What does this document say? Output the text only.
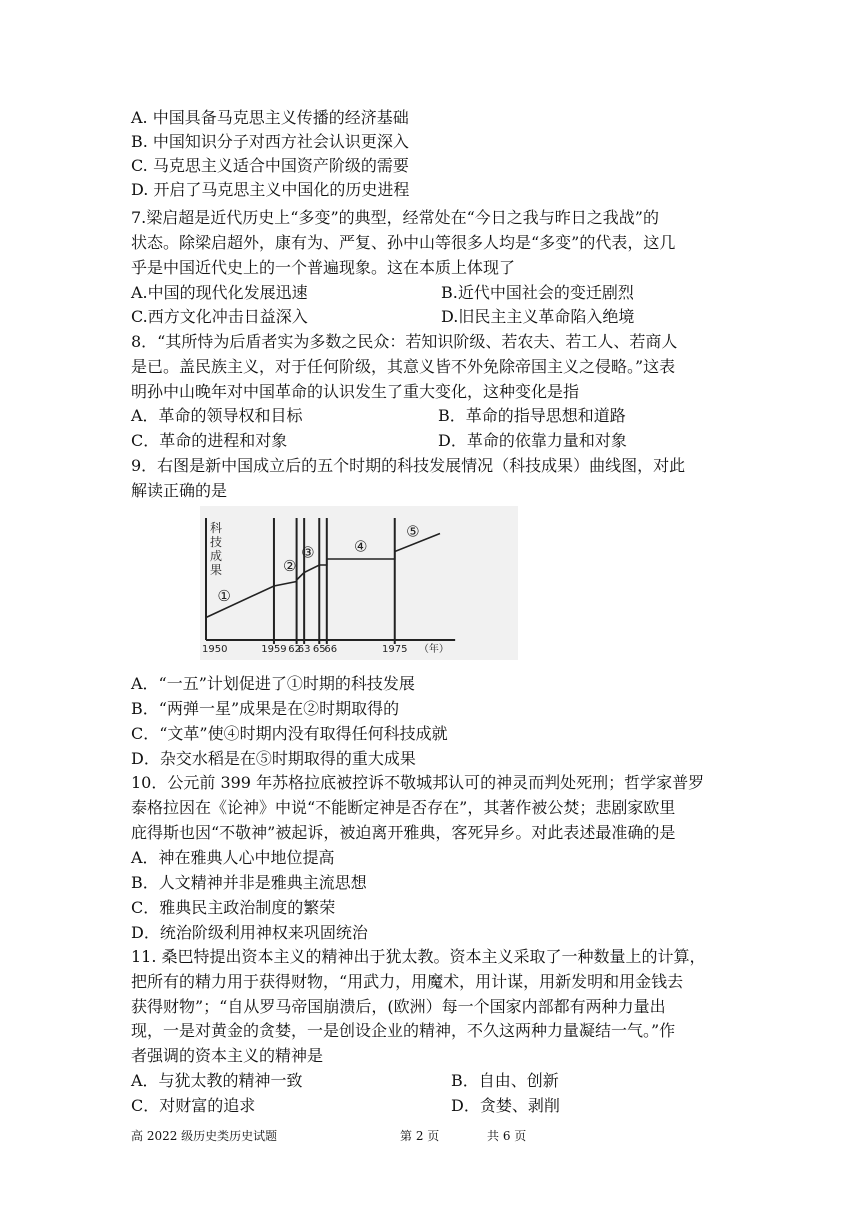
A. 中国具备马克思主义传播的经济基础
B. 中国知识分子对西方社会认识更深入
C. 马克思主义适合中国资产阶级的需要
D. 开启了马克思主义中国化的历史进程
7.梁启超是近代历史上“多变”的典型，经常处在“今日之我与昨日之我战”的
状态。除梁启超外，康有为、严复、孙中山等很多人均是“多变”的代表，这几
乎是中国近代史上的一个普遍现象。这在本质上体现了
A.中国的现代化发展迅速	B.近代中国社会的变迁剧烈
C.西方文化冲击日益深入	D.旧民主主义革命陷入绝境
8．“其所恃为后盾者实为多数之民众：若知识阶级、若农夫、若工人、若商人
是已。盖民族主义，对于任何阶级，其意义皆不外免除帝国主义之侵略。”这表
明孙中山晚年对中国革命的认识发生了重大变化，这种变化是指
A．革命的领导权和目标	B．革命的指导思想和道路
C．革命的进程和对象	D．革命的依靠力量和对象
9．右图是新中国成立后的五个时期的科技发展情况（科技成果）曲线图，对此
解读正确的是
①
②
③	④
⑤
1950	1959 62
63 65
66	1975 （年）
科
技
成
果
A．“一五”计划促进了①时期的科技发展
B．“两弹一星”成果是在②时期取得的
C．“文革”使④时期内没有取得任何科技成就
D．杂交水稻是在⑤时期取得的重大成果
10．公元前 399 年苏格拉底被控诉不敬城邦认可的神灵而判处死刑；哲学家普罗
泰格拉因在《论神》中说“不能断定神是否存在”，其著作被公焚；悲剧家欧里
庇得斯也因“不敬神”被起诉，被迫离开雅典，客死异乡。对此表述最准确的是
A．神在雅典人心中地位提高
B．人文精神并非是雅典主流思想
C．雅典民主政治制度的繁荣
D．统治阶级利用神权来巩固统治
11. 桑巴特提出资本主义的精神出于犹太教。资本主义采取了一种数量上的计算，
把所有的精力用于获得财物，“用武力，用魔术，用计谋，用新发明和用金钱去
获得财物”；“自从罗马帝国崩溃后，(欧洲）每一个国家内部都有两种力量出
现，一是对黄金的贪婪，一是创设企业的精神，不久这两种力量凝结一气。”作
者强调的资本主义的精神是
A．与犹太教的精神一致	B．自由、创新
C．对财富的追求	D．贪婪、剥削
高 2022 级历史类历史试题	第 2 页	共 6 页
